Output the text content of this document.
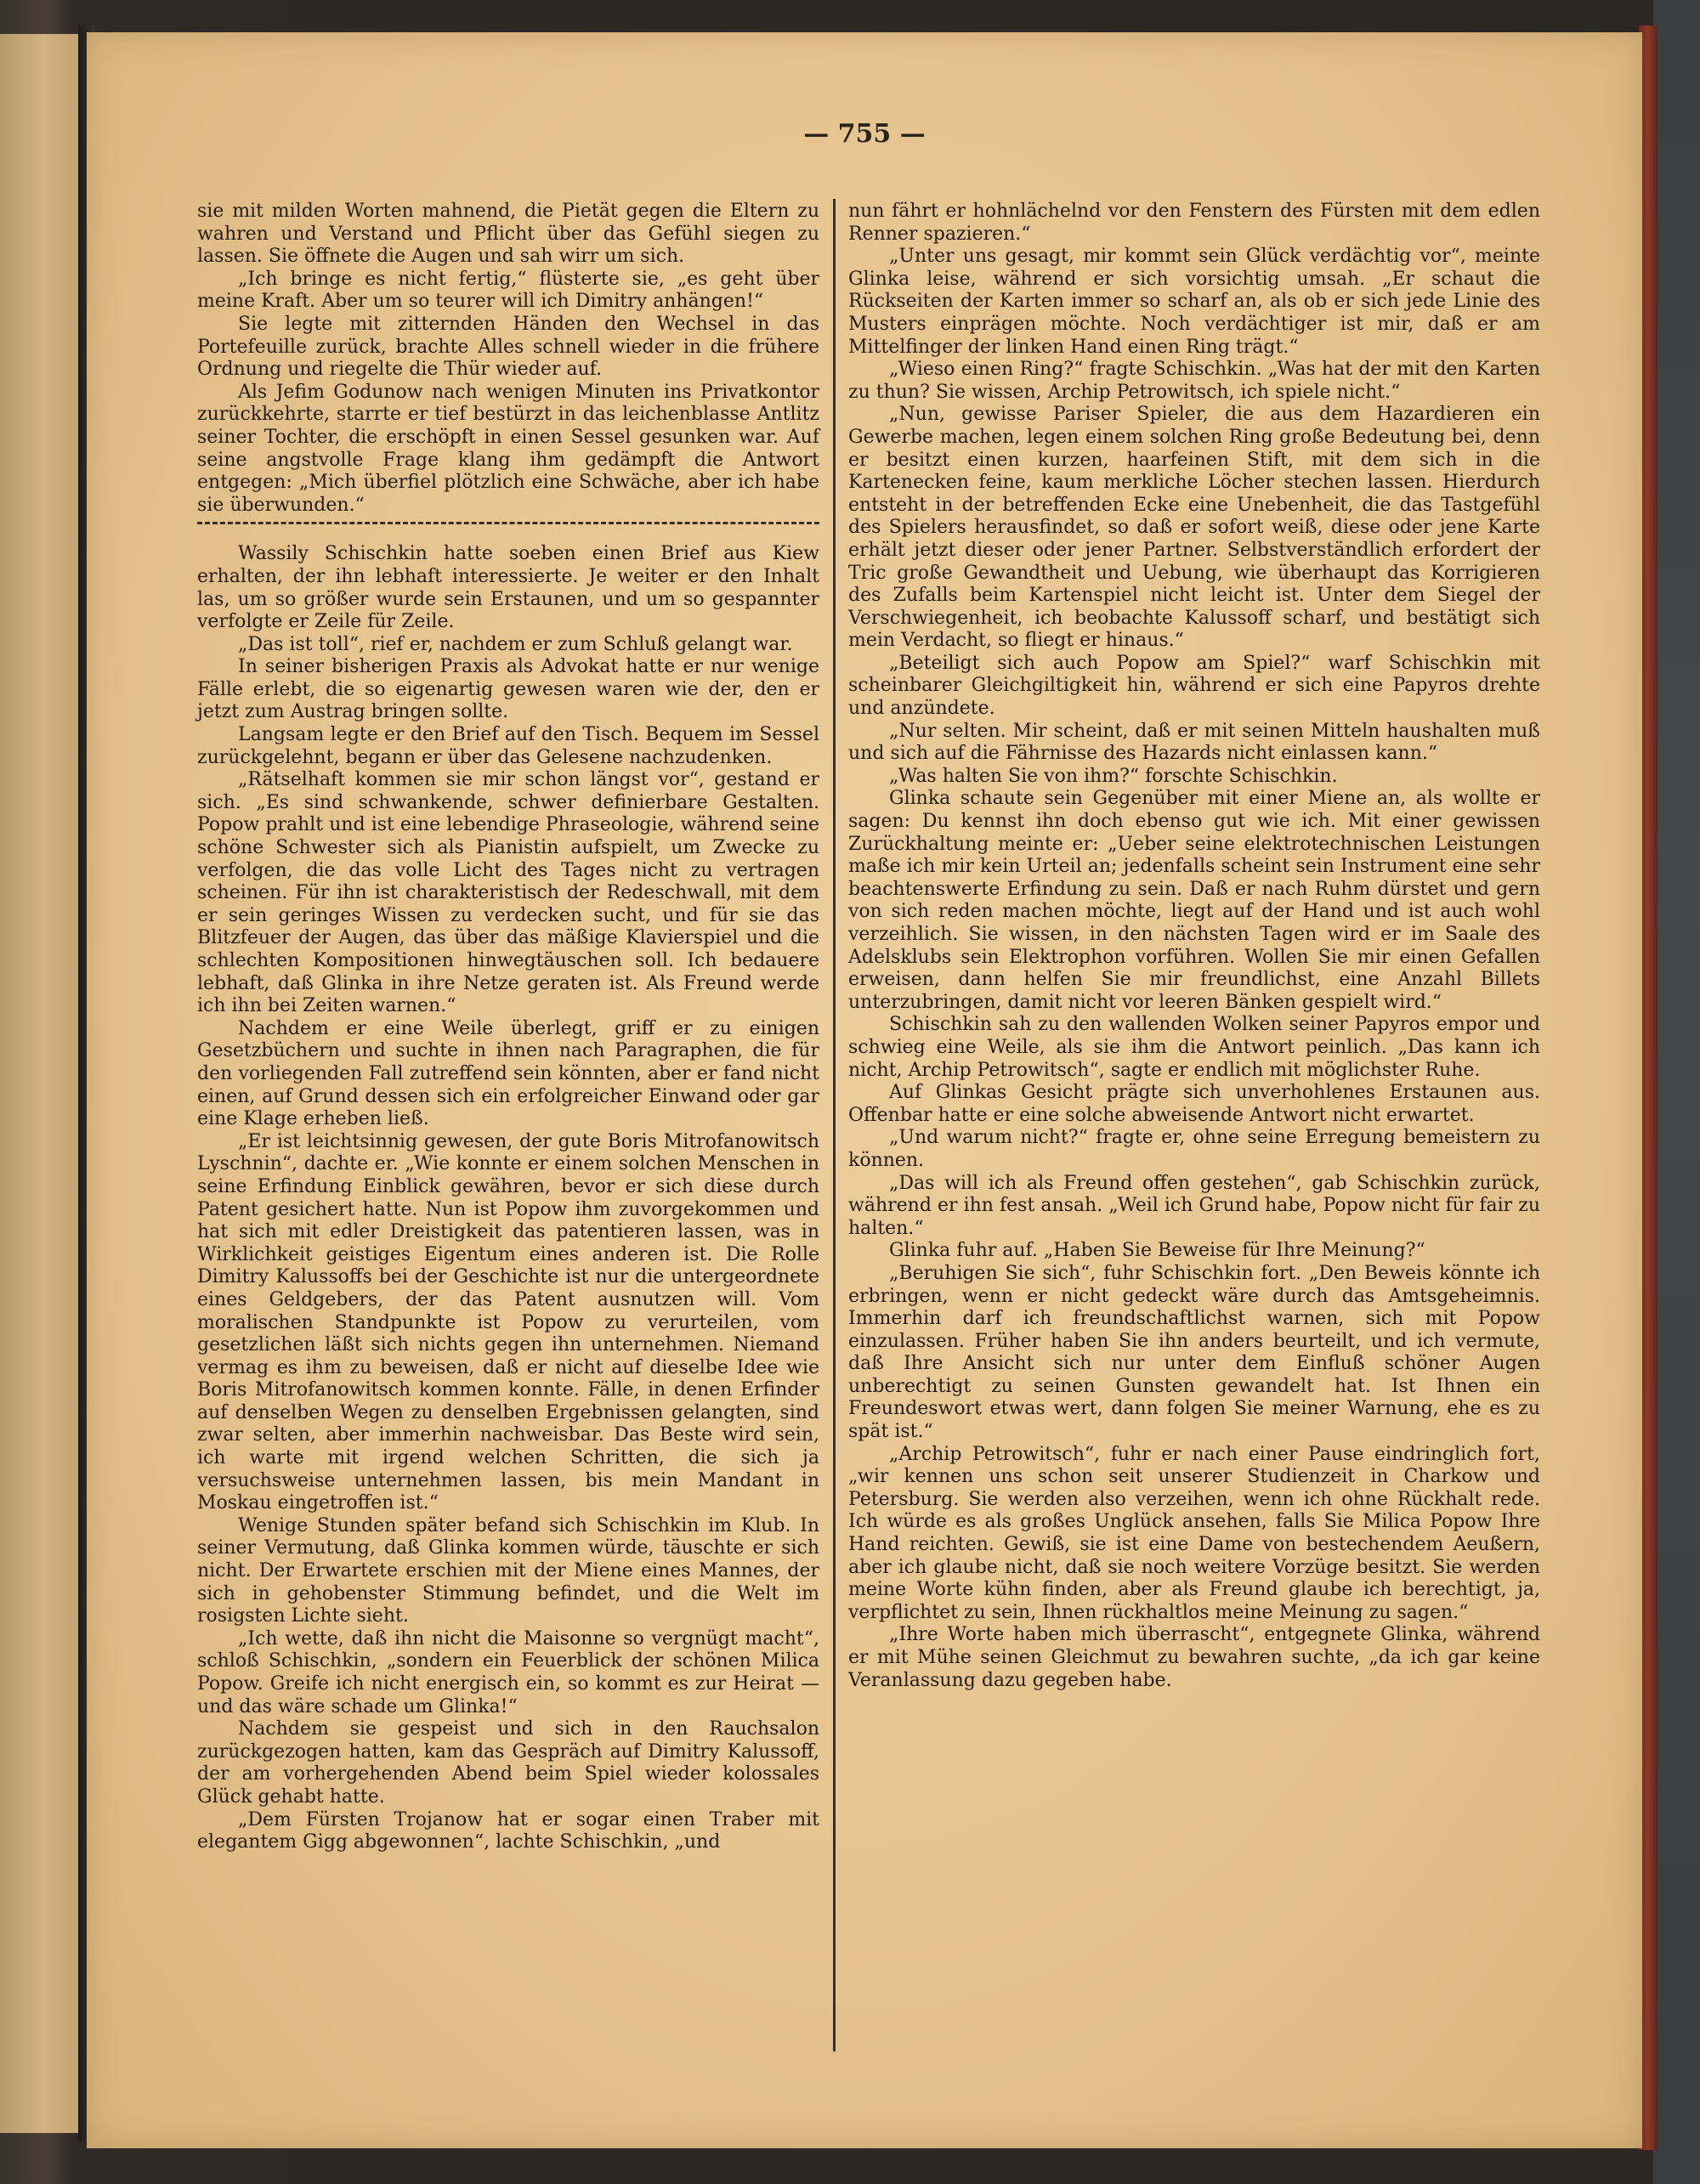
— 755 —

sie mit milden Worten mahnend, die Pietät gegen die Eltern zu wahren und Verstand und Pflicht über das Gefühl siegen zu lassen. Sie öffnete die Augen und sah wirr um sich.

„Ich bringe es nicht fertig,“ flüsterte sie, „es geht über meine Kraft. Aber um so teurer will ich Dimitry anhängen!“

Sie legte mit zitternden Händen den Wechsel in das Portefeuille zurück, brachte Alles schnell wieder in die frühere Ordnung und riegelte die Thür wieder auf.

Als Jefim Godunow nach wenigen Minuten ins Privatkontor zurückkehrte, starrte er tief bestürzt in das leichenblasse Antlitz seiner Tochter, die erschöpft in einen Sessel gesunken war. Auf seine angstvolle Frage klang ihm gedämpft die Antwort entgegen: „Mich überfiel plötzlich eine Schwäche, aber ich habe sie überwunden.“

Wassily Schischkin hatte soeben einen Brief aus Kiew erhalten, der ihn lebhaft interessierte. Je weiter er den Inhalt las, um so größer wurde sein Erstaunen, und um so gespannter verfolgte er Zeile für Zeile.

„Das ist toll“, rief er, nachdem er zum Schluß gelangt war.

In seiner bisherigen Praxis als Advokat hatte er nur wenige Fälle erlebt, die so eigenartig gewesen waren wie der, den er jetzt zum Austrag bringen sollte.

Langsam legte er den Brief auf den Tisch. Bequem im Sessel zurückgelehnt, begann er über das Gelesene nachzudenken.

„Rätselhaft kommen sie mir schon längst vor“, gestand er sich. „Es sind schwankende, schwer definierbare Gestalten. Popow prahlt und ist eine lebendige Phraseologie, während seine schöne Schwester sich als Pianistin aufspielt, um Zwecke zu verfolgen, die das volle Licht des Tages nicht zu vertragen scheinen. Für ihn ist charakteristisch der Redeschwall, mit dem er sein geringes Wissen zu verdecken sucht, und für sie das Blitzfeuer der Augen, das über das mäßige Klavierspiel und die schlechten Kompositionen hinwegtäuschen soll. Ich bedauere lebhaft, daß Glinka in ihre Netze geraten ist. Als Freund werde ich ihn bei Zeiten warnen.“

Nachdem er eine Weile überlegt, griff er zu einigen Gesetzbüchern und suchte in ihnen nach Paragraphen, die für den vorliegenden Fall zutreffend sein könnten, aber er fand nicht einen, auf Grund dessen sich ein erfolgreicher Einwand oder gar eine Klage erheben ließ.

„Er ist leichtsinnig gewesen, der gute Boris Mitrofanowitsch Lyschnin“, dachte er. „Wie konnte er einem solchen Menschen in seine Erfindung Einblick gewähren, bevor er sich diese durch Patent gesichert hatte. Nun ist Popow ihm zuvorgekommen und hat sich mit edler Dreistigkeit das patentieren lassen, was in Wirklichkeit geistiges Eigentum eines anderen ist. Die Rolle Dimitry Kalussoffs bei der Geschichte ist nur die untergeordnete eines Geldgebers, der das Patent ausnutzen will. Vom moralischen Standpunkte ist Popow zu verurteilen, vom gesetzlichen läßt sich nichts gegen ihn unternehmen. Niemand vermag es ihm zu beweisen, daß er nicht auf dieselbe Idee wie Boris Mitrofanowitsch kommen konnte. Fälle, in denen Erfinder auf denselben Wegen zu denselben Ergebnissen gelangten, sind zwar selten, aber immerhin nachweisbar. Das Beste wird sein, ich warte mit irgend welchen Schritten, die sich ja versuchsweise unternehmen lassen, bis mein Mandant in Moskau eingetroffen ist.“

Wenige Stunden später befand sich Schischkin im Klub. In seiner Vermutung, daß Glinka kommen würde, täuschte er sich nicht. Der Erwartete erschien mit der Miene eines Mannes, der sich in gehobenster Stimmung befindet, und die Welt im rosigsten Lichte sieht.

„Ich wette, daß ihn nicht die Maisonne so vergnügt macht“, schloß Schischkin, „sondern ein Feuerblick der schönen Milica Popow. Greife ich nicht energisch ein, so kommt es zur Heirat — und das wäre schade um Glinka!“

Nachdem sie gespeist und sich in den Rauchsalon zurückgezogen hatten, kam das Gespräch auf Dimitry Kalussoff, der am vorhergehenden Abend beim Spiel wieder kolossales Glück gehabt hatte.

„Dem Fürsten Trojanow hat er sogar einen Traber mit elegantem Gigg abgewonnen“, lachte Schischkin, „und

nun fährt er hohnlächelnd vor den Fenstern des Fürsten mit dem edlen Renner spazieren.“

„Unter uns gesagt, mir kommt sein Glück verdächtig vor“, meinte Glinka leise, während er sich vorsichtig umsah. „Er schaut die Rückseiten der Karten immer so scharf an, als ob er sich jede Linie des Musters einprägen möchte. Noch verdächtiger ist mir, daß er am Mittelfinger der linken Hand einen Ring trägt.“

„Wieso einen Ring?“ fragte Schischkin. „Was hat der mit den Karten zu thun? Sie wissen, Archip Petrowitsch, ich spiele nicht.“

„Nun, gewisse Pariser Spieler, die aus dem Hazardieren ein Gewerbe machen, legen einem solchen Ring große Bedeutung bei, denn er besitzt einen kurzen, haarfeinen Stift, mit dem sich in die Kartenecken feine, kaum merkliche Löcher stechen lassen. Hierdurch entsteht in der betreffenden Ecke eine Unebenheit, die das Tastgefühl des Spielers herausfindet, so daß er sofort weiß, diese oder jene Karte erhält jetzt dieser oder jener Partner. Selbstverständlich erfordert der Tric große Gewandtheit und Uebung, wie überhaupt das Korrigieren des Zufalls beim Kartenspiel nicht leicht ist. Unter dem Siegel der Verschwiegenheit, ich beobachte Kalussoff scharf, und bestätigt sich mein Verdacht, so fliegt er hinaus.“

„Beteiligt sich auch Popow am Spiel?“ warf Schischkin mit scheinbarer Gleichgiltigkeit hin, während er sich eine Papyros drehte und anzündete.

„Nur selten. Mir scheint, daß er mit seinen Mitteln haushalten muß und sich auf die Fährnisse des Hazards nicht einlassen kann.“

„Was halten Sie von ihm?“ forschte Schischkin.

Glinka schaute sein Gegenüber mit einer Miene an, als wollte er sagen: Du kennst ihn doch ebenso gut wie ich. Mit einer gewissen Zurückhaltung meinte er: „Ueber seine elektrotechnischen Leistungen maße ich mir kein Urteil an; jedenfalls scheint sein Instrument eine sehr beachtenswerte Erfindung zu sein. Daß er nach Ruhm dürstet und gern von sich reden machen möchte, liegt auf der Hand und ist auch wohl verzeihlich. Sie wissen, in den nächsten Tagen wird er im Saale des Adelsklubs sein Elektrophon vorführen. Wollen Sie mir einen Gefallen erweisen, dann helfen Sie mir freundlichst, eine Anzahl Billets unterzubringen, damit nicht vor leeren Bänken gespielt wird.“

Schischkin sah zu den wallenden Wolken seiner Papyros empor und schwieg eine Weile, als sie ihm die Antwort peinlich. „Das kann ich nicht, Archip Petrowitsch“, sagte er endlich mit möglichster Ruhe.

Auf Glinkas Gesicht prägte sich unverhohlenes Erstaunen aus. Offenbar hatte er eine solche abweisende Antwort nicht erwartet.

„Und warum nicht?“ fragte er, ohne seine Erregung bemeistern zu können.

„Das will ich als Freund offen gestehen“, gab Schischkin zurück, während er ihn fest ansah. „Weil ich Grund habe, Popow nicht für fair zu halten.“

Glinka fuhr auf. „Haben Sie Beweise für Ihre Meinung?“

„Beruhigen Sie sich“, fuhr Schischkin fort. „Den Beweis könnte ich erbringen, wenn er nicht gedeckt wäre durch das Amtsgeheimnis. Immerhin darf ich freundschaftlichst warnen, sich mit Popow einzulassen. Früher haben Sie ihn anders beurteilt, und ich vermute, daß Ihre Ansicht sich nur unter dem Einfluß schöner Augen unberechtigt zu seinen Gunsten gewandelt hat. Ist Ihnen ein Freundeswort etwas wert, dann folgen Sie meiner Warnung, ehe es zu spät ist.“

„Archip Petrowitsch“, fuhr er nach einer Pause eindringlich fort, „wir kennen uns schon seit unserer Studienzeit in Charkow und Petersburg. Sie werden also verzeihen, wenn ich ohne Rückhalt rede. Ich würde es als großes Unglück ansehen, falls Sie Milica Popow Ihre Hand reichten. Gewiß, sie ist eine Dame von bestechendem Aeußern, aber ich glaube nicht, daß sie noch weitere Vorzüge besitzt. Sie werden meine Worte kühn finden, aber als Freund glaube ich berechtigt, ja, verpflichtet zu sein, Ihnen rückhaltlos meine Meinung zu sagen.“

„Ihre Worte haben mich überrascht“, entgegnete Glinka, während er mit Mühe seinen Gleichmut zu bewahren suchte, „da ich gar keine Veranlassung dazu gegeben habe.
